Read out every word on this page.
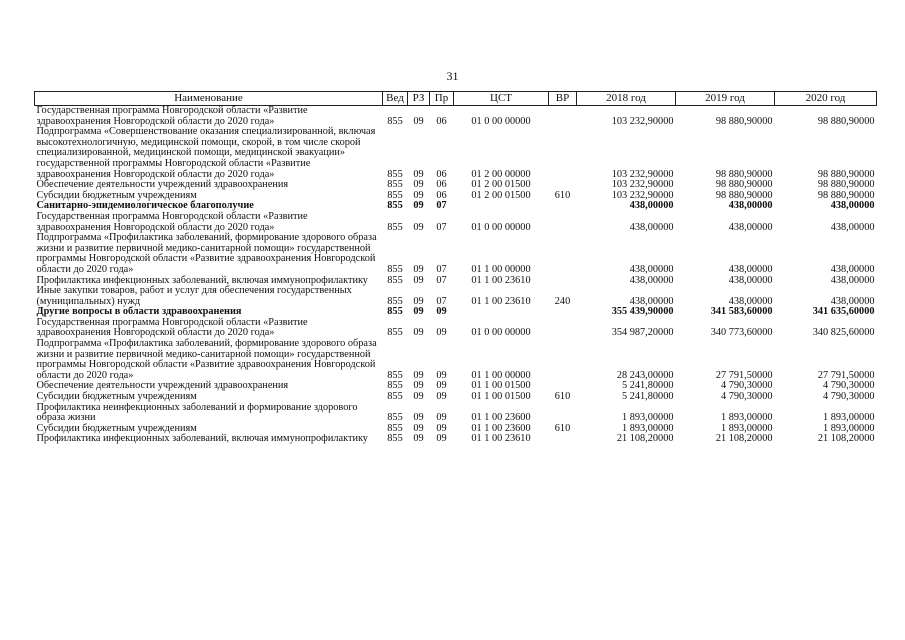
31
Наименование	Вед	РЗ	Пр	ЦСТ	ВР	2018 год	2019 год	2020 год
Государственная программа Новгородской области «Развитие здравоохранения Новгородской области до 2020 года»	855	09	06	01 0 00 00000		103 232,90000	98 880,90000	98 880,90000
Подпрограмма «Совершенствование оказания специализированной, включая высокотехнологичную, медицинской помощи, скорой, в том числе скорой специализированной, медицинской помощи, медицинской эвакуации» государственной программы Новгородской области «Развитие здравоохранения Новгородской области до 2020 года»	855	09	06	01 2 00 00000		103 232,90000	98 880,90000	98 880,90000
Обеспечение деятельности учреждений здравоохранения	855	09	06	01 2 00 01500		103 232,90000	98 880,90000	98 880,90000
Субсидии бюджетным учреждениям	855	09	06	01 2 00 01500	610	103 232,90000	98 880,90000	98 880,90000
Санитарно-эпидемиологическое благополучие	855	09	07			438,00000	438,00000	438,00000
Государственная программа Новгородской области «Развитие здравоохранения Новгородской области до 2020 года»	855	09	07	01 0 00 00000		438,00000	438,00000	438,00000
Подпрограмма «Профилактика заболеваний, формирование здорового образа жизни и развитие первичной медико-санитарной помощи» государственной программы Новгородской области «Развитие здравоохранения Новгородской области до 2020 года»	855	09	07	01 1 00 00000		438,00000	438,00000	438,00000
Профилактика инфекционных заболеваний, включая иммунопрофилактику	855	09	07	01 1 00 23610		438,00000	438,00000	438,00000
Иные закупки товаров, работ и услуг для обеспечения государственных (муниципальных) нужд	855	09	07	01 1 00 23610	240	438,00000	438,00000	438,00000
Другие вопросы в области здравоохранения	855	09	09			355 439,90000	341 583,60000	341 635,60000
Государственная программа Новгородской области «Развитие здравоохранения Новгородской области до 2020 года»	855	09	09	01 0 00 00000		354 987,20000	340 773,60000	340 825,60000
Подпрограмма «Профилактика заболеваний, формирование здорового образа жизни и развитие первичной медико-санитарной помощи» государственной программы Новгородской области «Развитие здравоохранения Новгородской области до 2020 года»	855	09	09	01 1 00 00000		28 243,00000	27 791,50000	27 791,50000
Обеспечение деятельности учреждений здравоохранения	855	09	09	01 1 00 01500		5 241,80000	4 790,30000	4 790,30000
Субсидии бюджетным учреждениям	855	09	09	01 1 00 01500	610	5 241,80000	4 790,30000	4 790,30000
Профилактика неинфекционных заболеваний и формирование здорового образа жизни	855	09	09	01 1 00 23600		1 893,00000	1 893,00000	1 893,00000
Субсидии бюджетным учреждениям	855	09	09	01 1 00 23600	610	1 893,00000	1 893,00000	1 893,00000
Профилактика инфекционных заболеваний, включая иммунопрофилактику	855	09	09	01 1 00 23610		21 108,20000	21 108,20000	21 108,20000
